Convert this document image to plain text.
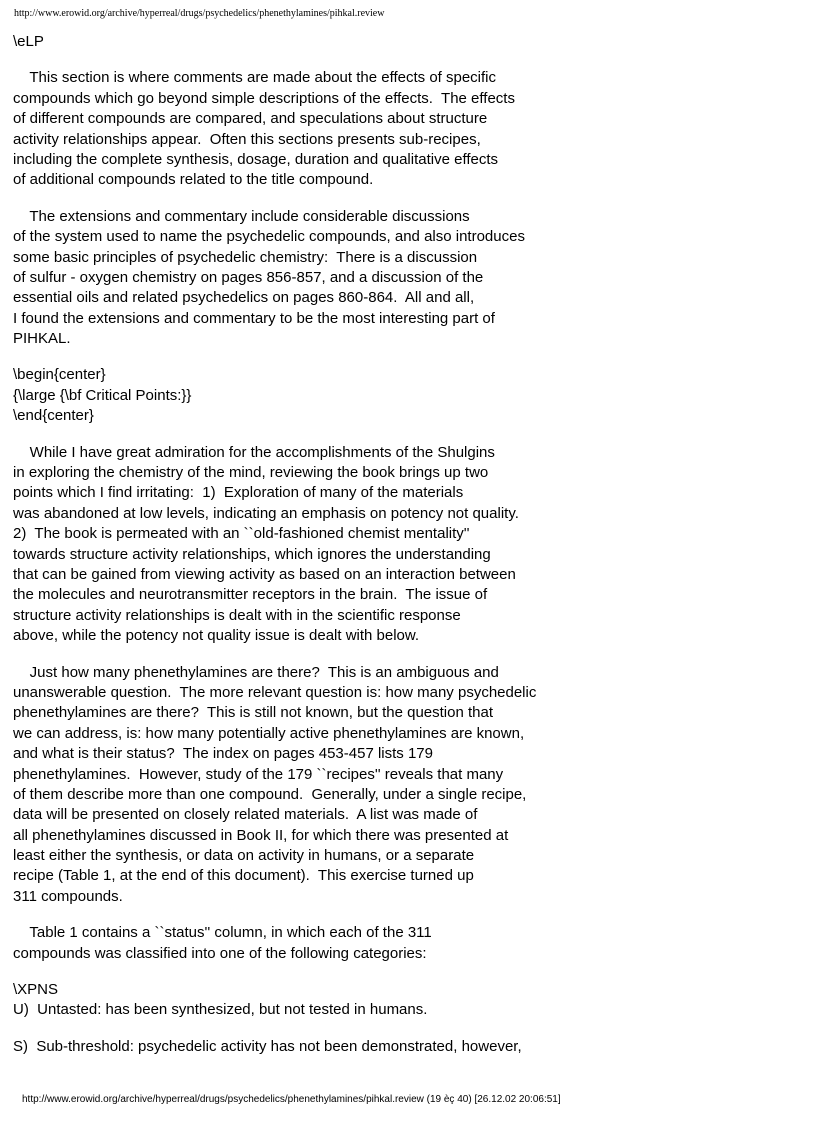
http://www.erowid.org/archive/hyperreal/drugs/psychedelics/phenethylamines/pihkal.review
\eLP
This section is where comments are made about the effects of specific
compounds which go beyond simple descriptions of the effects.  The effects
of different compounds are compared, and speculations about structure
activity relationships appear.  Often this sections presents sub-recipes,
including the complete synthesis, dosage, duration and qualitative effects
of additional compounds related to the title compound.
The extensions and commentary include considerable discussions
of the system used to name the psychedelic compounds, and also introduces
some basic principles of psychedelic chemistry:  There is a discussion
of sulfur - oxygen chemistry on pages 856-857, and a discussion of the
essential oils and related psychedelics on pages 860-864.  All and all,
I found the extensions and commentary to be the most interesting part of
PIHKAL.
\begin{center}
{\large {\bf Critical Points:}}
\end{center}
While I have great admiration for the accomplishments of the Shulgins
in exploring the chemistry of the mind, reviewing the book brings up two
points which I find irritating:  1)  Exploration of many of the materials
was abandoned at low levels, indicating an emphasis on potency not quality.
2)  The book is permeated with an ``old-fashioned chemist mentality''
towards structure activity relationships, which ignores the understanding
that can be gained from viewing activity as based on an interaction between
the molecules and neurotransmitter receptors in the brain.  The issue of
structure activity relationships is dealt with in the scientific response
above, while the potency not quality issue is dealt with below.
Just how many phenethylamines are there?  This is an ambiguous and
unanswerable question.  The more relevant question is: how many psychedelic
phenethylamines are there?  This is still not known, but the question that
we can address, is: how many potentially active phenethylamines are known,
and what is their status?  The index on pages 453-457 lists 179
phenethylamines.  However, study of the 179 ``recipes'' reveals that many
of them describe more than one compound.  Generally, under a single recipe,
data will be presented on closely related materials.  A list was made of
all phenethylamines discussed in Book II, for which there was presented at
least either the synthesis, or data on activity in humans, or a separate
recipe (Table 1, at the end of this document).  This exercise turned up
311 compounds.
Table 1 contains a ``status'' column, in which each of the 311
compounds was classified into one of the following categories:
\XPNS
U)  Untasted: has been synthesized, but not tested in humans.
S)  Sub-threshold: psychedelic activity has not been demonstrated, however,
http://www.erowid.org/archive/hyperreal/drugs/psychedelics/phenethylamines/pihkal.review (19 èç 40) [26.12.02 20:06:51]
